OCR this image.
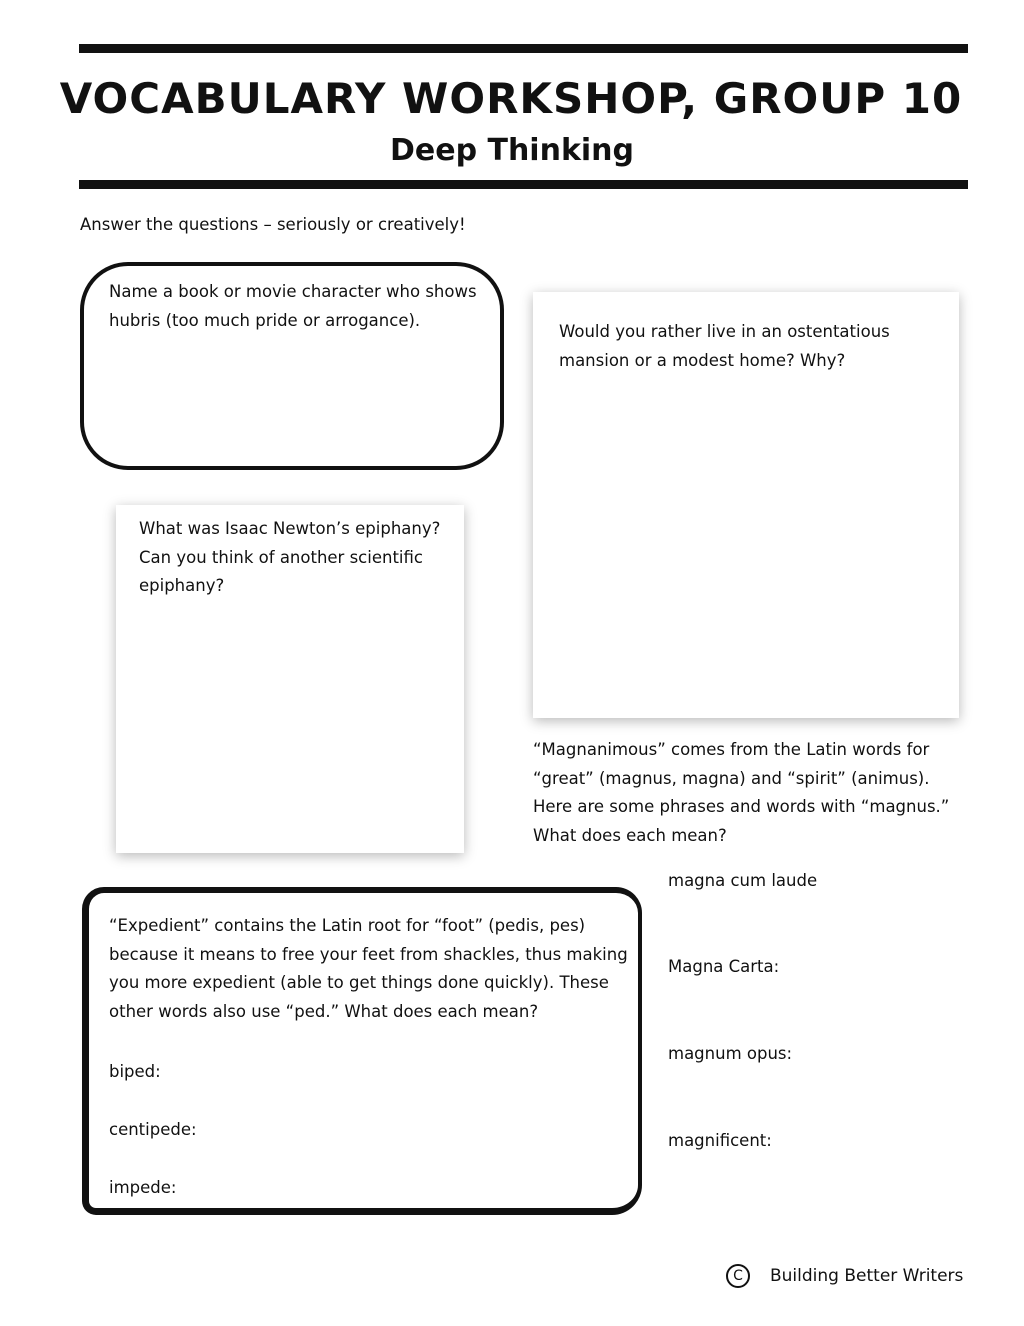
VOCABULARY WORKSHOP, GROUP 10
Deep Thinking
Answer the questions – seriously or creatively!
Name a book or movie character who shows hubris (too much pride or arrogance).
Would you rather live in an ostentatious mansion or a modest home? Why?
What was Isaac Newton’s epiphany? Can you think of another scientific epiphany?
“Magnanimous” comes from the Latin words for “great” (magnus, magna) and “spirit” (animus). Here are some phrases and words with “magnus.” What does each mean?
magna cum laude
Magna Carta:
magnum opus:
magnificent:
“Expedient” contains the Latin root for “foot” (pedis, pes) because it means to free your feet from shackles, thus making you more expedient (able to get things done quickly). These other words also use “ped.” What does each mean?
biped:
centipede:
impede:
C	Building Better Writers
